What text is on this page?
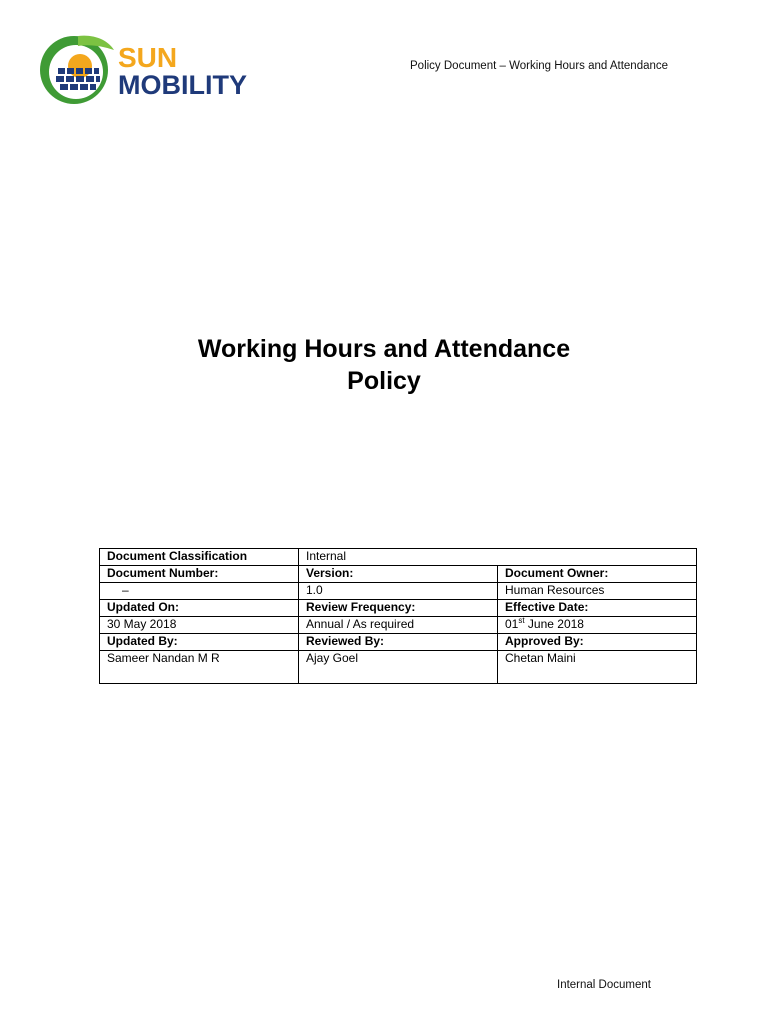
SUN
MOBILITY
Policy Document – Working Hours and Attendance
Working Hours and Attendance
Policy
Document Classification	Internal	
Document Number:	Version:	Document Owner:
–	1.0	Human Resources
Updated On:	Review Frequency:	Effective Date:
30 May 2018	Annual / As required	01st June 2018
Updated By:	Reviewed By:	Approved By:
Sameer Nandan M R	Ajay Goel	Chetan Maini
Internal Document
